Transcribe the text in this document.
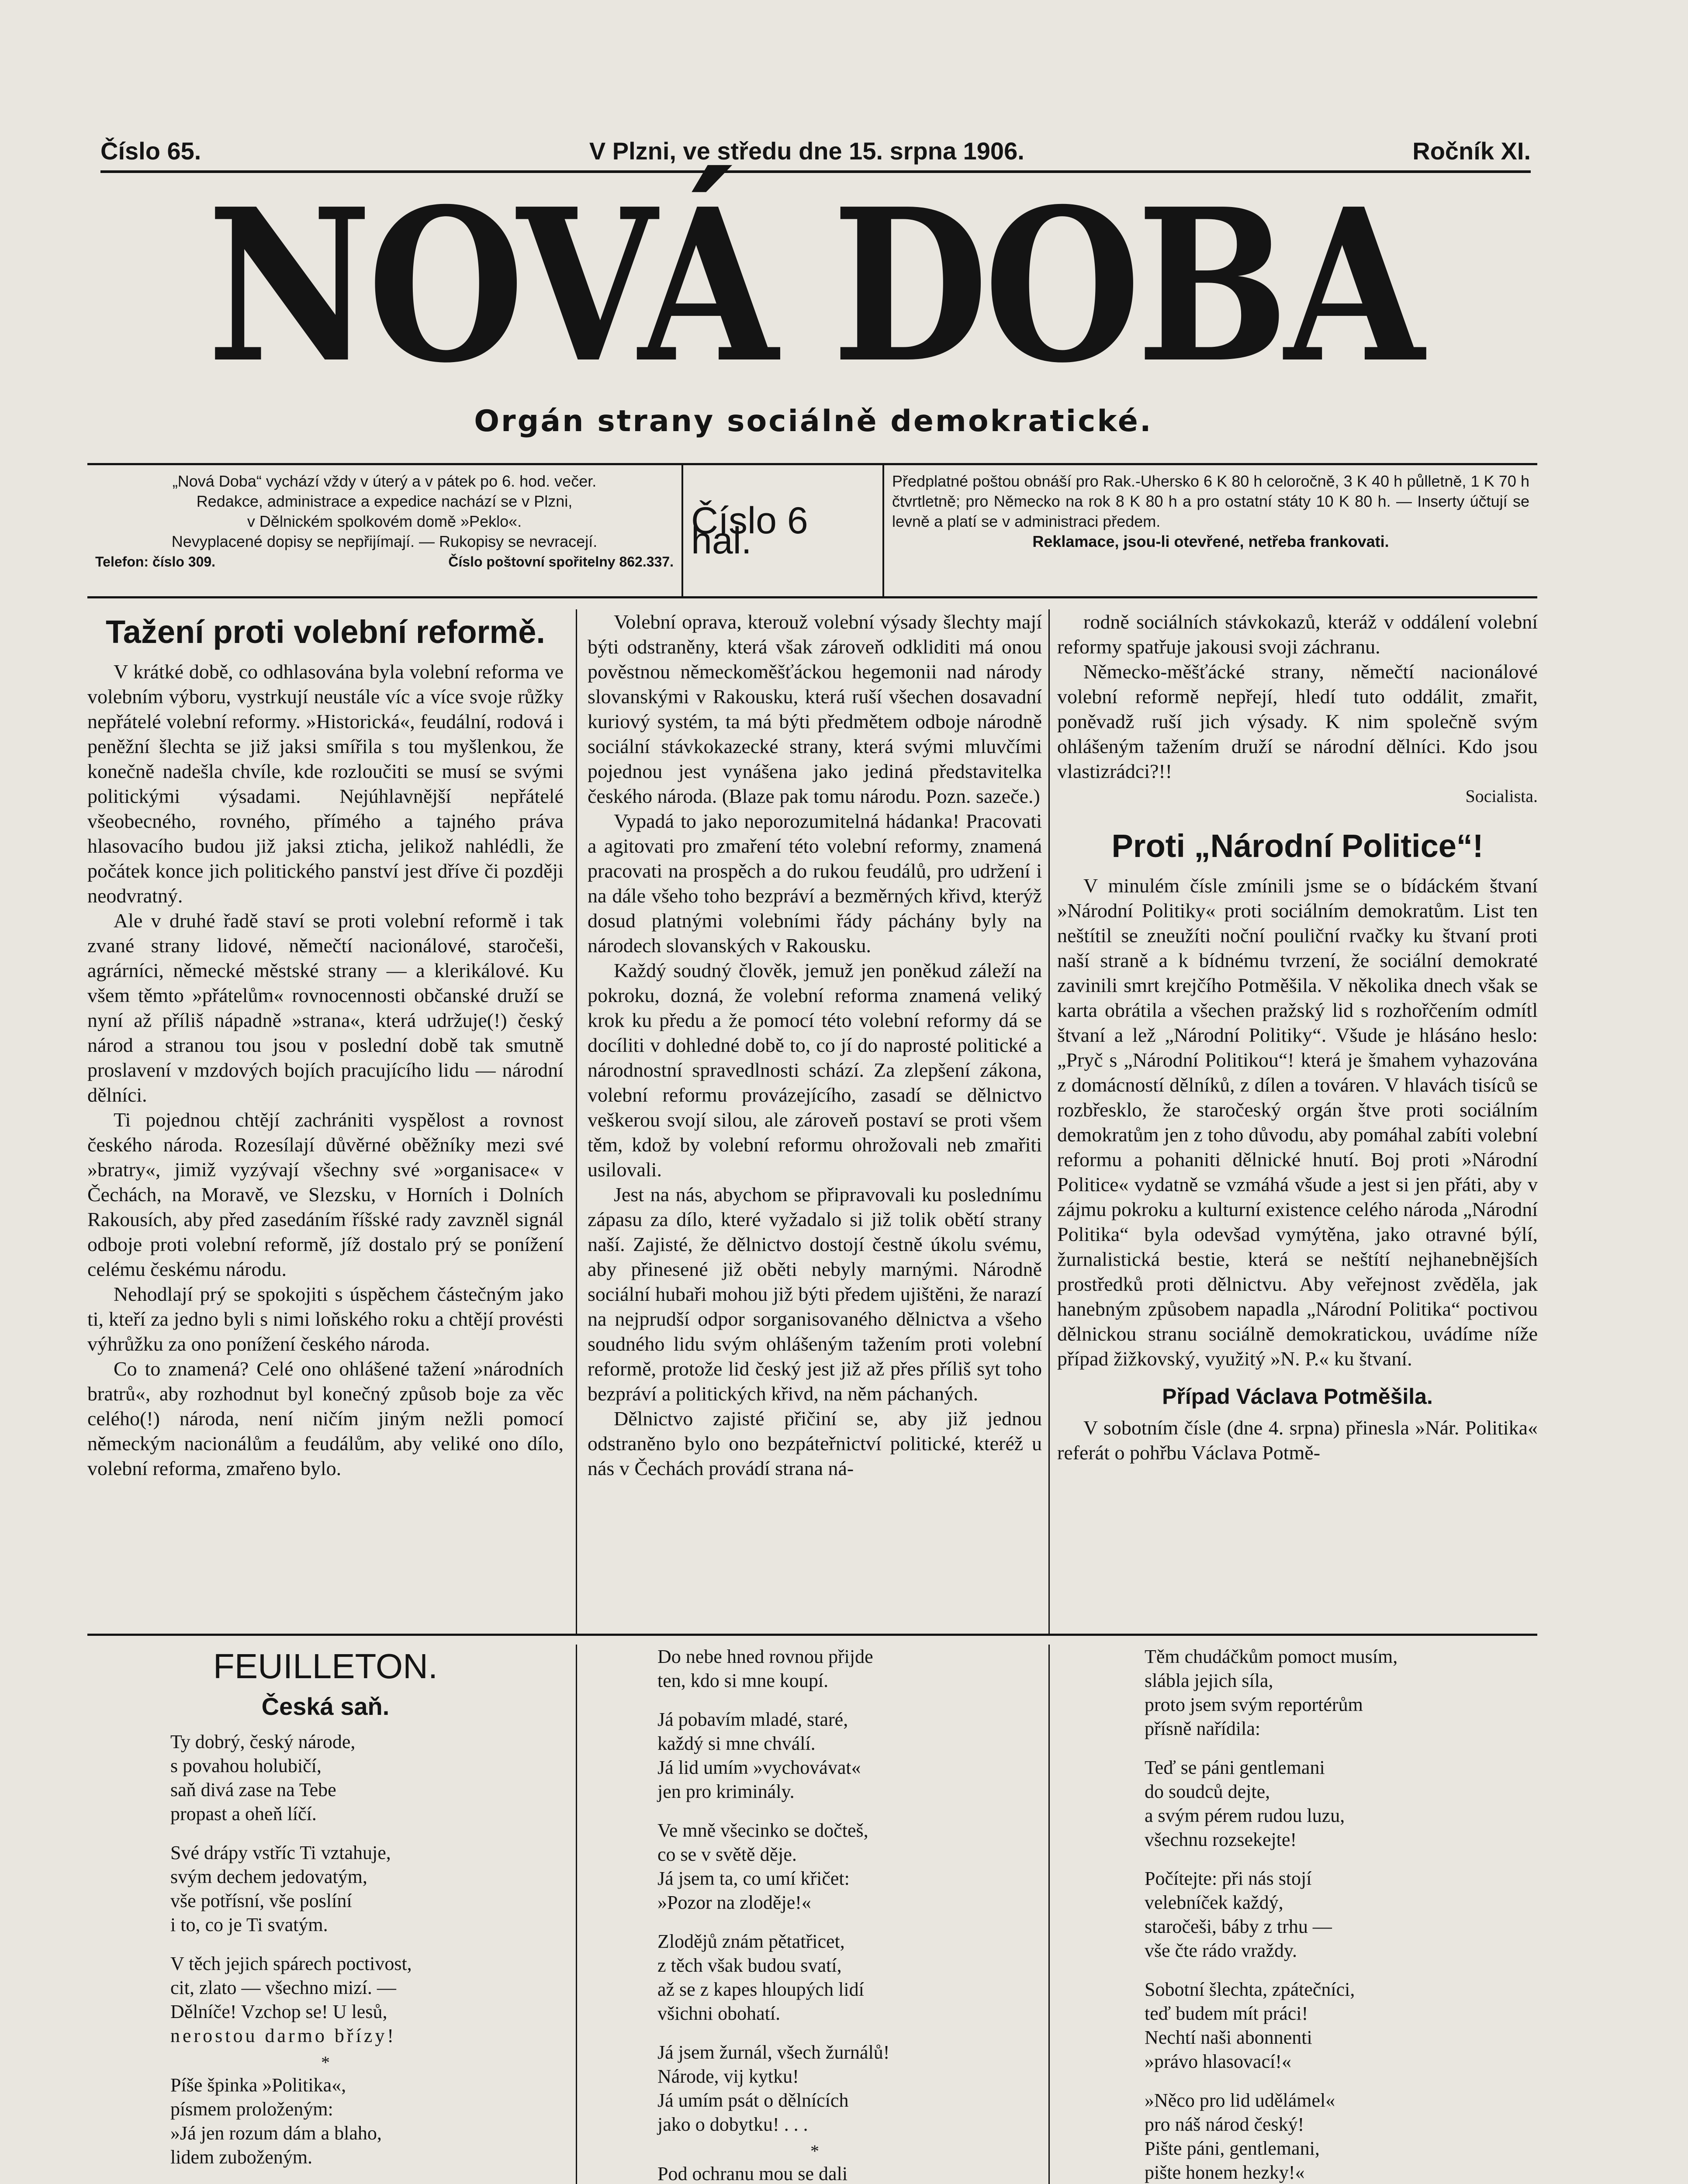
Číslo 65.	V Plzni, ve středu dne 15. srpna 1906.	Ročník XI.
NOVÁ DOBA
Orgán strany sociálně demokratické.

„Nová Doba“ vychází vždy v úterý a v pátek po 6. hod. večer.

Redakce, administrace a expedice nachází se v Plzni,

v Dělnickém spolkovém domě »Peklo«.

Nevyplacené dopisy se nepřijímají. — Rukopisy se nevracejí.

Telefon: číslo 309.	Číslo poštovní spořitelny 862.337.
Číslo 6 hal.

Předplatné poštou obnáší pro Rak.-Uhersko 6 K 80 h celoročně, 3 K 40 h půlletně, 1 K 70 h čtvrtletně; pro Německo na rok 8 K 80 h a pro ostatní státy 10 K 80 h. — Inserty účtují se levně a platí se v administraci předem.

Reklamace, jsou-li otevřené, netřeba frankovati.

Tažení proti volební reformě.

V krátké době, co odhlasována byla volební reforma ve volebním výboru, vystrkují neustále víc a více svoje růžky nepřátelé volební reformy. »Historická«, feudální, rodová i peněžní šlechta se již jaksi smířila s tou myšlenkou, že konečně nadešla chvíle, kde rozloučiti se musí se svými politickými výsadami. Nejúhlavnější nepřátelé všeobecného, rovného, přímého a tajného práva hlasovacího budou již jaksi zticha, jelikož nahlédli, že počátek konce jich politického panství jest dříve či později neodvratný.

Ale v druhé řadě staví se proti volební reformě i tak zvané strany lidové, němečtí nacionálové, staročeši, agrárníci, německé městské strany — a klerikálové. Ku všem těmto »přátelům« rovnocennosti občanské druží se nyní až příliš nápadně »strana«, která udržuje(!) český národ a stranou tou jsou v poslední době tak smutně proslavení v mzdových bojích pracujícího lidu — národní dělníci.

Ti pojednou chtějí zachrániti vyspělost a rovnost českého národa. Rozesílají důvěrné oběžníky mezi své »bratry«, jimiž vyzývají všechny své »organisace« v Čechách, na Moravě, ve Slezsku, v Horních i Dolních Rakousích, aby před zasedáním říšské rady zavzněl signál odboje proti volební reformě, jíž dostalo prý se ponížení celému českému národu.

Nehodlají prý se spokojiti s úspěchem částečným jako ti, kteří za jedno byli s nimi loňského roku a chtějí provésti výhrůžku za ono ponížení českého národa.

Co to znamená? Celé ono ohlášené tažení »národních bratrů«, aby rozhodnut byl konečný způsob boje za věc celého(!) národa, není ničím jiným nežli pomocí německým nacionálům a feudálům, aby veliké ono dílo, volební reforma, zmařeno bylo.

Volební oprava, kterouž volební výsady šlechty mají býti odstraněny, která však zároveň odkliditi má onou pověstnou německoměšťáckou hegemonii nad národy slovanskými v Rakousku, která ruší všechen dosavadní kuriový systém, ta má býti předmětem odboje národně sociální stávkokazecké strany, která svými mluvčími pojednou jest vynášena jako jediná představitelka českého národa. (Blaze pak tomu národu. Pozn. sazeče.)

Vypadá to jako neporozumitelná hádanka! Pracovati a agitovati pro zmaření této volební reformy, znamená pracovati na prospěch a do rukou feudálů, pro udržení i na dále všeho toho bezpráví a bezměrných křivd, kterýž dosud platnými volebními řády páchány byly na národech slovanských v Rakousku.

Každý soudný člověk, jemuž jen poněkud záleží na pokroku, dozná, že volební reforma znamená veliký krok ku předu a že pomocí této volební reformy dá se docíliti v dohledné době to, co jí do naprosté politické a národnostní spravedlnosti schází. Za zlepšení zákona, volební reformu provázejícího, zasadí se dělnictvo veškerou svojí silou, ale zároveň postaví se proti všem těm, kdož by volební reformu ohrožovali neb zmařiti usilovali.

Jest na nás, abychom se připravovali ku poslednímu zápasu za dílo, které vyžadalo si již tolik obětí strany naší. Zajisté, že dělnictvo dostojí čestně úkolu svému, aby přinesené již oběti nebyly marnými. Národně sociální hubaři mohou již býti předem ujištěni, že narazí na nejprudší odpor sorganisovaného dělnictva a všeho soudného lidu svým ohlášeným tažením proti volební reformě, protože lid český jest již až přes příliš syt toho bezpráví a politických křivd, na něm páchaných.

Dělnictvo zajisté přičiní se, aby již jednou odstraněno bylo ono bezpáteřnictví politické, kteréž u nás v Čechách provádí strana ná-

rodně sociálních stávkokazů, kteráž v oddálení volební reformy spatřuje jakousi svoji záchranu.

Německo-měšťácké strany, němečtí nacionálové volební reformě nepřejí, hledí tuto oddálit, zmařit, poněvadž ruší jich výsady. K nim společně svým ohlášeným tažením druží se národní dělníci. Kdo jsou vlastizrádci?!!

Socialista.

Proti „Národní Politice“!

V minulém čísle zmínili jsme se o bídáckém štvaní »Národní Politiky« proti sociálním demokratům. List ten neštítil se zneužíti noční pouliční rvačky ku štvaní proti naší straně a k bídnému tvrzení, že sociální demokraté zavinili smrt krejčího Potměšila. V několika dnech však se karta obrátila a všechen pražský lid s rozhořčením odmítl štvaní a lež „Národní Politiky“. Všude je hlásáno heslo: „Pryč s „Národní Politikou“! která je šmahem vyhazována z domácností dělníků, z dílen a továren. V hlavách tisíců se rozbřesklo, že staročeský orgán štve proti sociálním demokratům jen z toho důvodu, aby pomáhal zabíti volební reformu a pohaniti dělnické hnutí. Boj proti »Národní Politice« vydatně se vzmáhá všude a jest si jen přáti, aby v zájmu pokroku a kulturní existence celého národa „Národní Politika“ byla odevšad vymýtěna, jako otravné býlí, žurnalistická bestie, která se neštítí nejhanebnějších prostředků proti dělnictvu. Aby veřejnost zvěděla, jak hanebným způsobem napadla „Národní Politika“ poctivou dělnickou stranu sociálně demokratickou, uvádíme níže případ žižkovský, využitý »N. P.« ku štvaní.

Případ Václava Potměšila.

V sobotním čísle (dne 4. srpna) přinesla »Nár. Politika« referát o pohřbu Václava Potmě-

FEUILLETON.
Česká saň.
Ty dobrý, český národe,
s povahou holubičí,
saň divá zase na Tebe
propast a oheň líčí.
Své drápy vstříc Ti vztahuje,
svým dechem jedovatým,
vše potřísní, vše poslíní
i to, co je Ti svatým.
V těch jejich spárech poctivost,
cit, zlato — všechno mizí. —
Dělníče! Vzchop se! U lesů,
nerostou darmo břízy!
*
Píše špinka »Politika«,
písmem proloženým:
»Já jen rozum dám a blaho,
lidem zuboženým.
Do nebe hned rovnou přijde
ten, kdo si mne koupí.
Já pobavím mladé, staré,
každý si mne chválí.
Já lid umím »vychovávat«
jen pro kriminály.
Ve mně všecinko se dočteš,
co se v světě děje.
Já jsem ta, co umí křičet:
»Pozor na zloděje!«
Zlodějů znám pětatřicet,
z těch však budou svatí,
až se z kapes hloupých lidí
všichni obohatí.
Já jsem žurnál, všech žurnálů!
Národe, vij kytku!
Já umím psát o dělnících
jako o dobytku! . . .
*
Pod ochranu mou se dali
Těm chudáčkům pomoct musím,
slábla jejich síla,
proto jsem svým reportérům
přísně nařídila:
Teď se páni gentlemani
do soudců dejte,
a svým pérem rudou luzu,
všechnu rozsekejte!
Počítejte: při nás stojí
velebníček každý,
staročeši, báby z trhu —
vše čte rádo vraždy.
Sobotní šlechta, zpátečníci,
teď budem mít práci!
Nechtí naši abonnenti
»právo hlasovací!«
»Něco pro lid udělámel«
pro náš národ český!
Pište páni, gentlemani,
pište honem hezky!«
